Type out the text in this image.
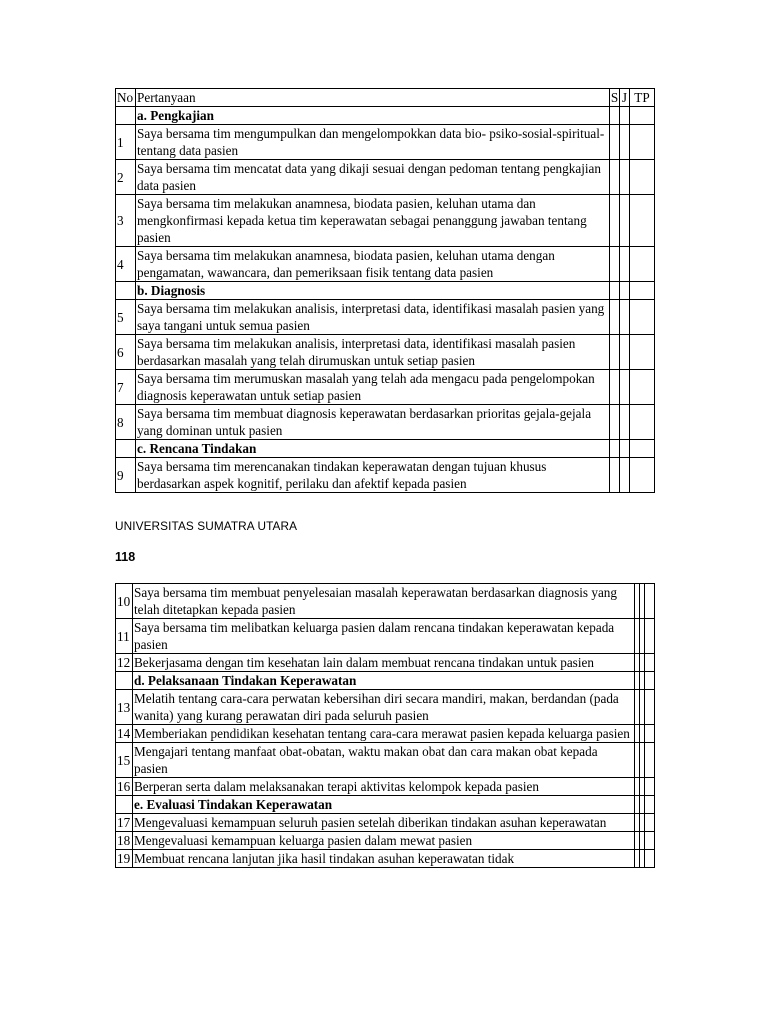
No	Pertanyaan	S	J	TP
	a. Pengkajian			
1	Saya bersama tim mengumpulkan dan mengelompokkan data bio- psiko-sosial-spiritual-tentang data pasien			
2	Saya bersama tim mencatat data yang dikaji sesuai dengan pedoman tentang pengkajian data pasien			
3	Saya bersama tim melakukan anamnesa, biodata pasien, keluhan utama dan mengkonfirmasi kepada ketua tim keperawatan sebagai penanggung jawaban tentang pasien			
4	Saya bersama tim melakukan anamnesa, biodata pasien, keluhan utama dengan pengamatan, wawancara, dan pemeriksaan fisik tentang data pasien			
	b. Diagnosis			
5	Saya bersama tim melakukan analisis, interpretasi data, identifikasi masalah pasien yang saya tangani untuk semua pasien			
6	Saya bersama tim melakukan analisis, interpretasi data, identifikasi masalah pasien berdasarkan masalah yang telah dirumuskan untuk setiap pasien			
7	Saya bersama tim merumuskan masalah yang telah ada mengacu pada pengelompokan diagnosis keperawatan untuk setiap pasien			
8	Saya bersama tim membuat diagnosis keperawatan berdasarkan prioritas gejala-gejala yang dominan untuk pasien			
	c. Rencana Tindakan			
9	Saya bersama tim merencanakan tindakan keperawatan dengan tujuan khusus berdasarkan aspek kognitif, perilaku dan afektif kepada pasien			
UNIVERSITAS SUMATRA UTARA
118
10	Saya bersama tim membuat penyelesaian masalah keperawatan berdasarkan diagnosis yang telah ditetapkan kepada pasien			
11	Saya bersama tim melibatkan keluarga pasien dalam rencana tindakan keperawatan kepada pasien			
12	Bekerjasama dengan tim kesehatan lain dalam membuat rencana tindakan untuk pasien			
	d. Pelaksanaan Tindakan Keperawatan			
13	Melatih tentang cara-cara perwatan kebersihan diri secara mandiri, makan, berdandan (pada wanita) yang kurang perawatan diri pada seluruh pasien			
14	Memberiakan pendidikan kesehatan tentang cara-cara merawat pasien kepada keluarga pasien			
15	Mengajari tentang manfaat obat-obatan, waktu makan obat dan cara makan obat kepada pasien			
16	Berperan serta dalam melaksanakan terapi aktivitas kelompok kepada pasien			
	e. Evaluasi Tindakan Keperawatan			
17	Mengevaluasi kemampuan seluruh pasien setelah diberikan tindakan asuhan keperawatan			
18	Mengevaluasi kemampuan keluarga pasien dalam mewat pasien			
19	Membuat rencana lanjutan jika hasil tindakan asuhan keperawatan tidak			
